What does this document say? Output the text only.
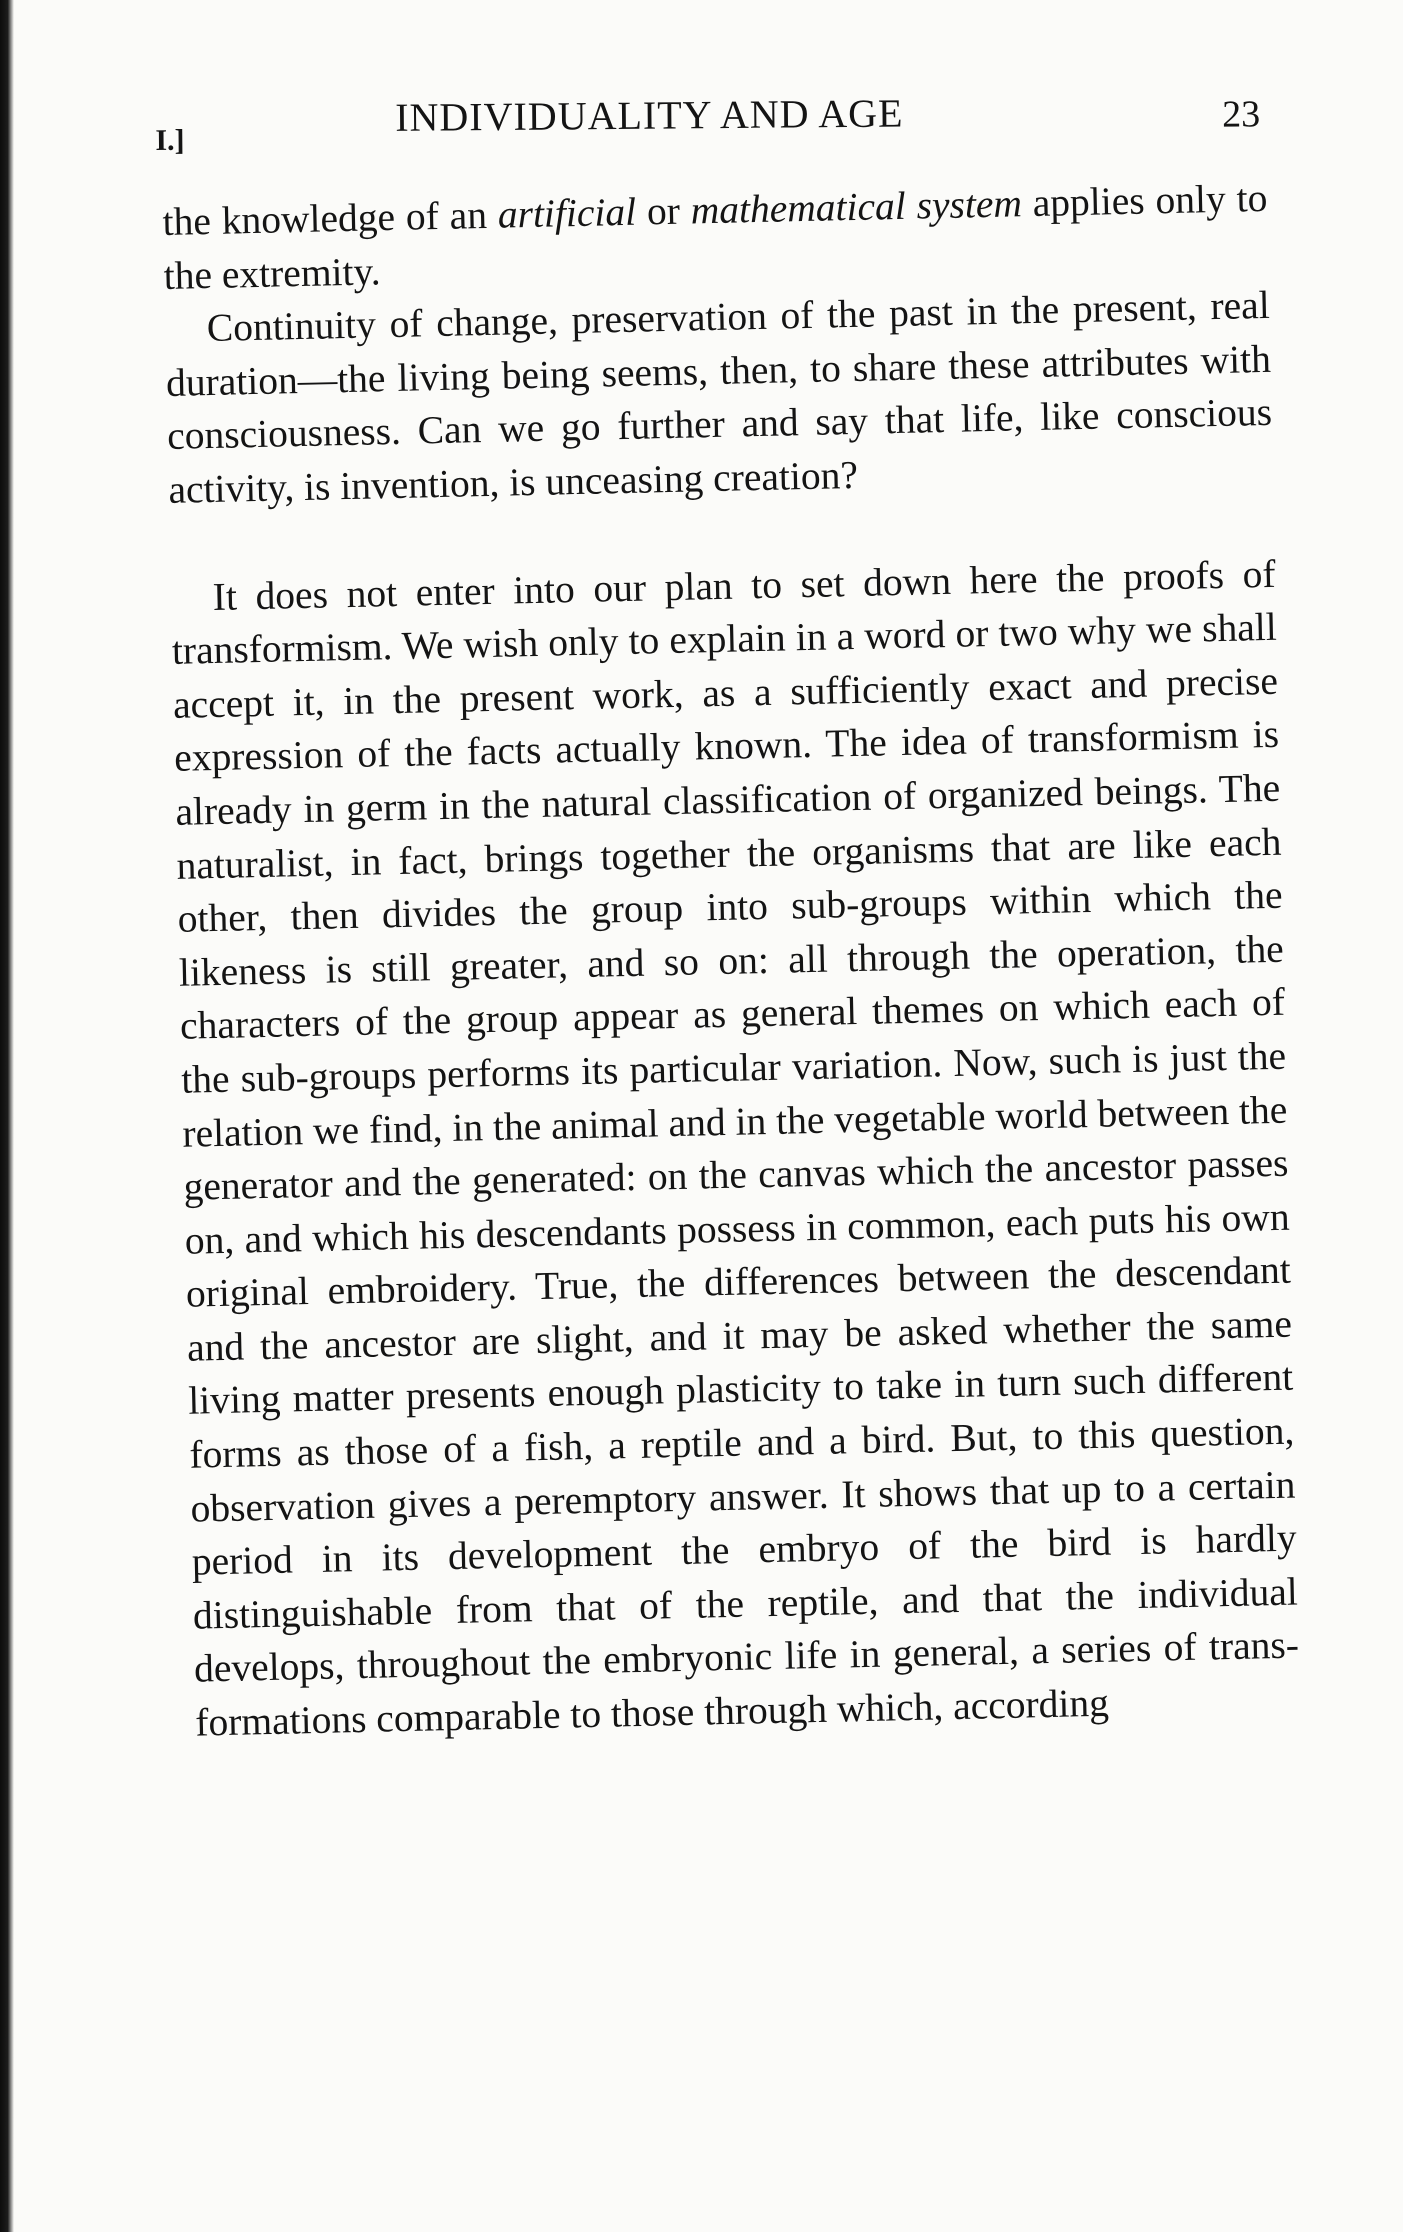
I.]
INDIVIDUALITY AND AGE	23

the knowledge of an artificial or mathematical system applies only to the extremity.

Continuity of change, preservation of the past in the present, real duration—the living being seems, then, to share these attributes with consciousness. Can we go further and say that life, like conscious activity, is invention, is unceasing creation?

It does not enter into our plan to set down here the proofs of transformism. We wish only to explain in a word or two why we shall accept it, in the present work, as a sufficiently exact and precise expression of the facts actually known. The idea of transformism is already in germ in the natural classification of organized beings. The naturalist, in fact, brings together the organisms that are like each other, then divides the group into sub-groups within which the likeness is still greater, and so on: all through the operation, the characters of the group appear as general themes on which each of the sub-groups performs its particular variation. Now, such is just the relation we find, in the animal and in the vegetable world between the generator and the generated: on the canvas which the ancestor passes on, and which his descendants possess in common, each puts his own original embroidery. True, the differences between the descendant and the ancestor are slight, and it may be asked whether the same living matter presents enough plasticity to take in turn such different forms as those of a fish, a reptile and a bird. But, to this question, observation gives a peremptory answer. It shows that up to a certain period in its development the embryo of the bird is hardly distinguishable from that of the reptile, and that the individual develops, throughout the embryonic life in general, a series of transformations comparable to those through which, according
